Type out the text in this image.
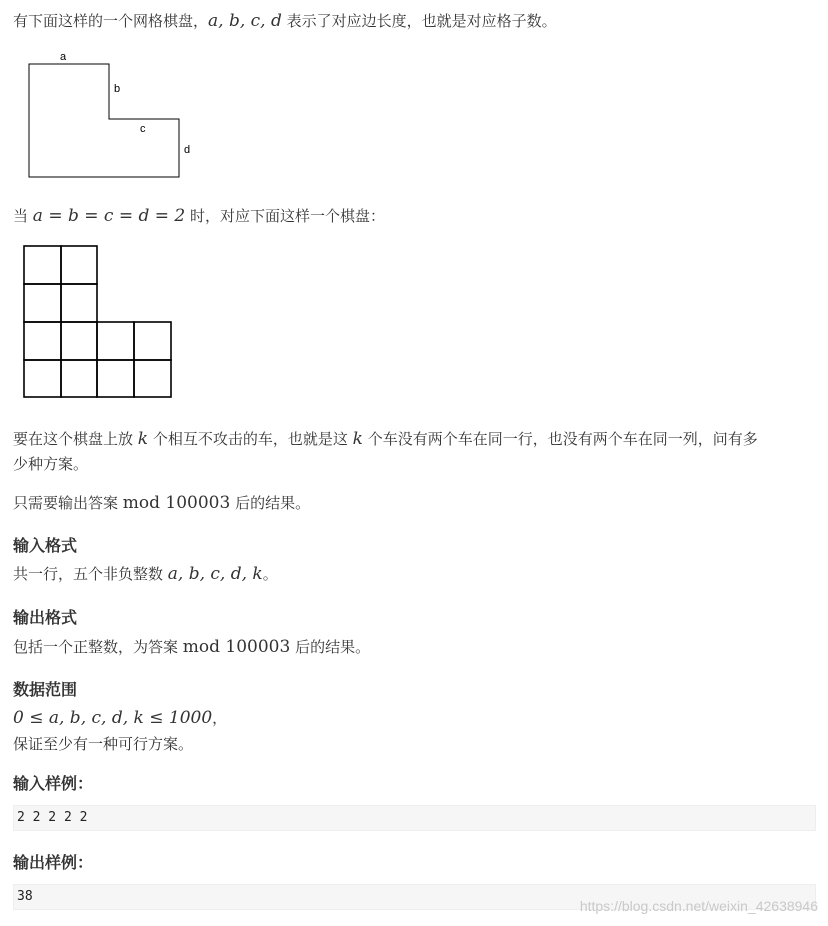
有下面这样的一个网格棋盘，a, b, c, d 表示了对应边长度，也就是对应格子数。
a
b
c
d
当 a = b = c = d = 2 时，对应下面这样一个棋盘：
要在这个棋盘上放 k 个相互不攻击的车，也就是这 k 个车没有两个车在同一行，也没有两个车在同一列，问有多
少种方案。
只需要输出答案 mod 100003 后的结果。
输入格式
共一行，五个非负整数 a, b, c, d, k。
输出格式
包括一个正整数，为答案 mod 100003 后的结果。
数据范围
0 ≤ a, b, c, d, k ≤ 1000，
保证至少有一种可行方案。
输入样例：
2 2 2 2 2
输出样例：
38
https://blog.csdn.net/weixin_42638946
